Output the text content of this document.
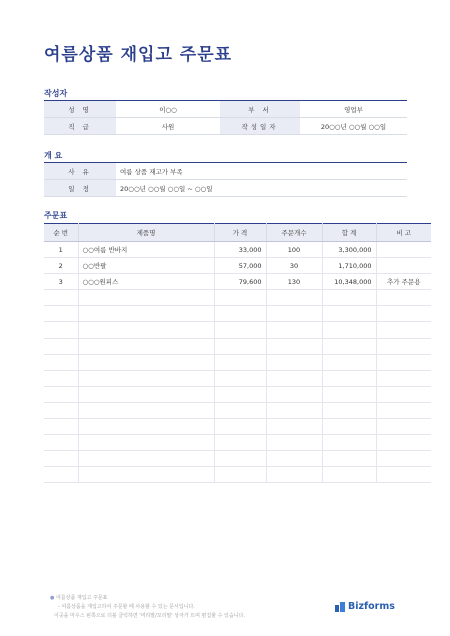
여름상품 재입고 주문표
작성자
성 명	이○○	부 서	영업부
직 급	사원	작성일자	20○○년 ○○월 ○○일
개 요
사 유	여름 상품 재고가 부족
일 정	20○○년 ○○월 ○○일 ~ ○○일
주문표
순 번	제품명	가 격	주문개수	합 계	비 고
1	○○여름 반바지	33,000	100	3,300,000	
2	○○반팔	57,000	30	1,710,000	
3	○○○원피스	79,600	130	10,348,000	추가 주문용

● 여름상품 재입고 주문표
- 여름상품을 재입고하여 주문할 때 사용할 수 있는 문서입니다.
이곳을 마우스 왼쪽으로 더블 클릭하면 '머리말/꼬리말' 상자가 뜨며 편집할 수 있습니다.
Bizforms
